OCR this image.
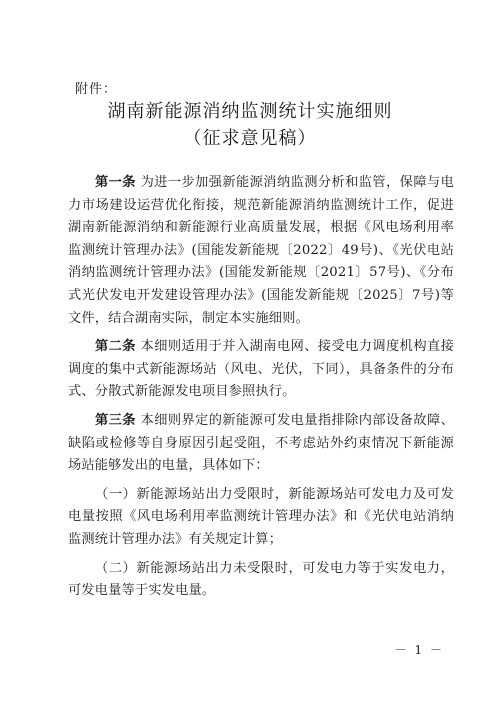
附件：
湖南新能源消纳监测统计实施细则
（征求意见稿）

第一条 为进一步加强新能源消纳监测分析和监管，保障与电力市场建设运营优化衔接，规范新能源消纳监测统计工作，促进湖南新能源消纳和新能源行业高质量发展，根据《风电场利用率监测统计管理办法》(国能发新能规〔2022〕49号)、《光伏电站消纳监测统计管理办法》(国能发新能规〔2021〕57号)、《分布式光伏发电开发建设管理办法》(国能发新能规〔2025〕7号)等文件，结合湖南实际，制定本实施细则。

第二条 本细则适用于并入湖南电网、接受电力调度机构直接调度的集中式新能源场站（风电、光伏，下同），具备条件的分布式、分散式新能源发电项目参照执行。

第三条 本细则界定的新能源可发电量指排除内部设备故障、缺陷或检修等自身原因引起受阻，不考虑站外约束情况下新能源场站能够发出的电量，具体如下：

（一）新能源场站出力受限时，新能源场站可发电力及可发电量按照《风电场利用率监测统计管理办法》和《光伏电站消纳监测统计管理办法》有关规定计算；

（二）新能源场站出力未受限时，可发电力等于实发电力，可发电量等于实发电量。

－ 1 －
